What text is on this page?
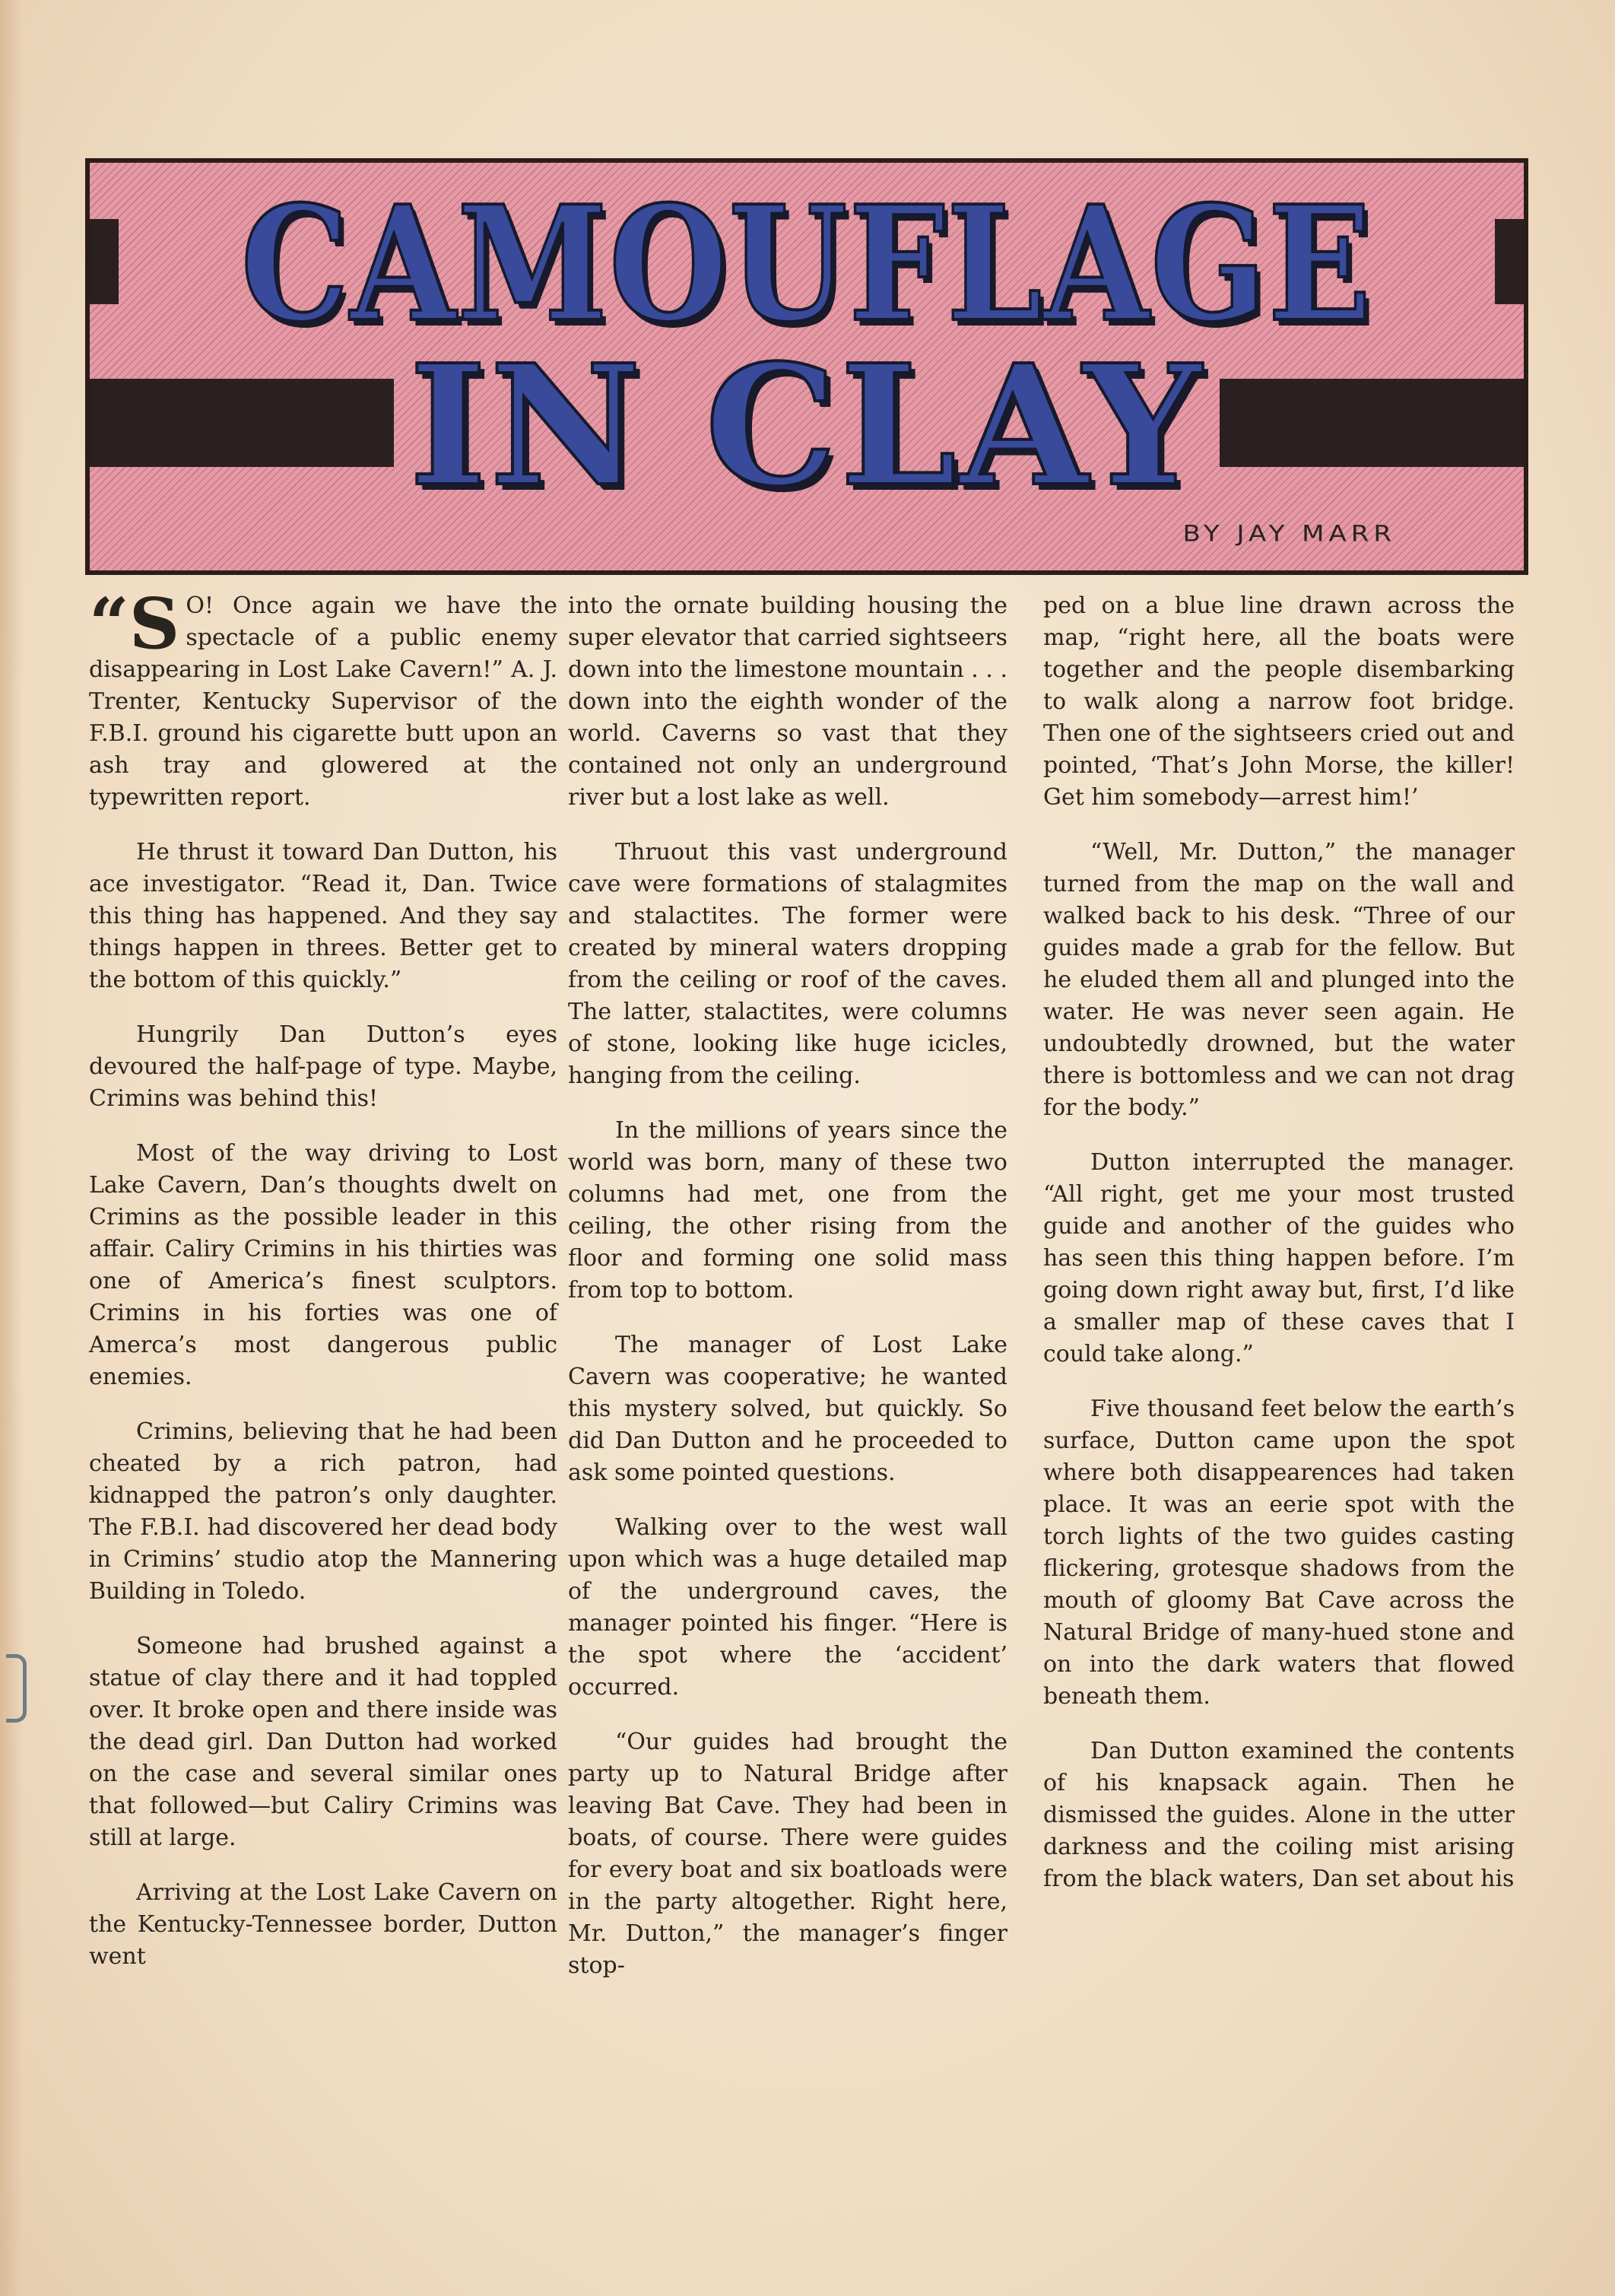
CAMOUFLAGE
IN CLAY
BY JAY MARR

“S O! Once again we have the spectacle of a public enemy disappearing in Lost Lake Cavern!” A. J. Trenter, Kentucky Supervisor of the F.B.I. ground his cigarette butt upon an ash tray and glowered at the typewritten report.

He thrust it toward Dan Dutton, his ace investigator. “Read it, Dan. Twice this thing has happened. And they say things happen in threes. Better get to the bottom of this quickly.”

Hungrily Dan Dutton’s eyes devoured the half-page of type. Maybe, Crimins was behind this!

Most of the way driving to Lost Lake Cavern, Dan’s thoughts dwelt on Crimins as the possible leader in this affair. Caliry Crimins in his thirties was one of America’s finest sculptors. Crimins in his forties was one of Amerca’s most dangerous public enemies.

Crimins, believing that he had been cheated by a rich patron, had kidnapped the patron’s only daughter. The F.B.I. had discovered her dead body in Crimins’ studio atop the Mannering Building in Toledo.

Someone had brushed against a statue of clay there and it had toppled over. It broke open and there inside was the dead girl. Dan Dutton had worked on the case and several similar ones that followed—but Caliry Crimins was still at large.

Arriving at the Lost Lake Cavern on the Kentucky-Tennessee border, Dutton went

into the ornate building housing the super elevator that carried sightseers down into the limestone mountain . . . down into the eighth wonder of the world. Caverns so vast that they contained not only an underground river but a lost lake as well.

Thruout this vast underground cave were formations of stalagmites and stalactites. The former were created by mineral waters dropping from the ceiling or roof of the caves. The latter, stalactites, were columns of stone, looking like huge icicles, hanging from the ceiling.

In the millions of years since the world was born, many of these two columns had met, one from the ceiling, the other rising from the floor and forming one solid mass from top to bottom.

The manager of Lost Lake Cavern was cooperative; he wanted this mystery solved, but quickly. So did Dan Dutton and he proceeded to ask some pointed questions.

Walking over to the west wall upon which was a huge detailed map of the underground caves, the manager pointed his finger. “Here is the spot where the ‘accident’ occurred.

“Our guides had brought the party up to Natural Bridge after leaving Bat Cave. They had been in boats, of course. There were guides for every boat and six boatloads were in the party altogether. Right here, Mr. Dutton,” the manager’s finger stop-

ped on a blue line drawn across the map, “right here, all the boats were together and the people disembarking to walk along a narrow foot bridge. Then one of the sightseers cried out and pointed, ‘That’s John Morse, the killer! Get him somebody—arrest him!’

“Well, Mr. Dutton,” the manager turned from the map on the wall and walked back to his desk. “Three of our guides made a grab for the fellow. But he eluded them all and plunged into the water. He was never seen again. He undoubtedly drowned, but the water there is bottomless and we can not drag for the body.”

Dutton interrupted the manager. “All right, get me your most trusted guide and another of the guides who has seen this thing happen before. I’m going down right away but, first, I’d like a smaller map of these caves that I could take along.”

Five thousand feet below the earth’s surface, Dutton came upon the spot where both disappearences had taken place. It was an eerie spot with the torch lights of the two guides casting flickering, grotesque shadows from the mouth of gloomy Bat Cave across the Natural Bridge of many-hued stone and on into the dark waters that flowed beneath them.

Dan Dutton examined the contents of his knapsack again. Then he dismissed the guides. Alone in the utter darkness and the coiling mist arising from the black waters, Dan set about his
